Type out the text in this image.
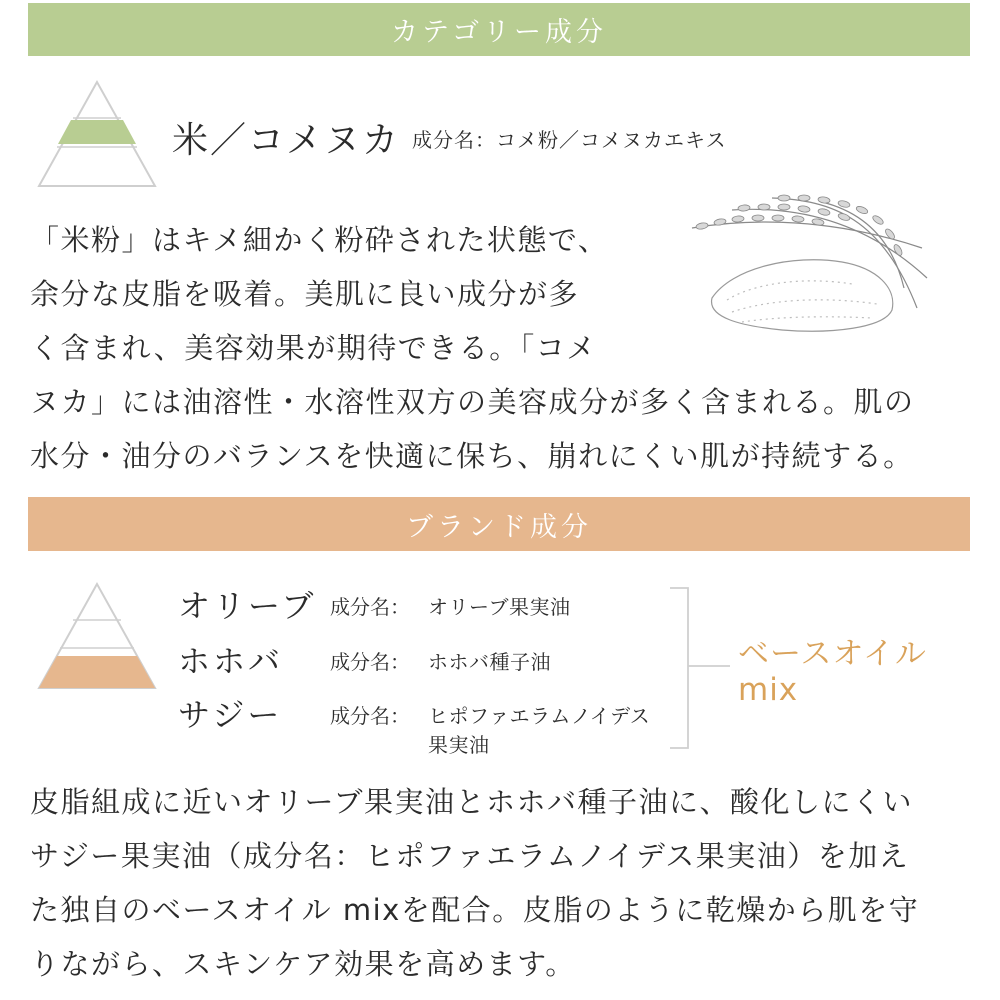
カテゴリー成分
米／コメヌカ 成分名：コメ粉／コメヌカエキス
「米粉」はキメ細かく粉砕された状態で、
余分な皮脂を吸着。美肌に良い成分が多
く含まれ、美容効果が期待できる。「コメ
ヌカ」には油溶性・水溶性双方の美容成分が多く含まれる。肌の
水分・油分のバランスを快適に保ち、崩れにくい肌が持続する。
ブランド成分
オリーブ 成分名： オリーブ果実油
ホホバ 成分名： ホホバ種子油
サジー 成分名： ヒポファエラムノイデス
果実油
ベースオイル
mix
皮脂組成に近いオリーブ果実油とホホバ種子油に、酸化しにくい
サジー果実油（成分名：ヒポファエラムノイデス果実油）を加え
た独自のベースオイル mixを配合。皮脂のように乾燥から肌を守
りながら、スキンケア効果を高めます。
